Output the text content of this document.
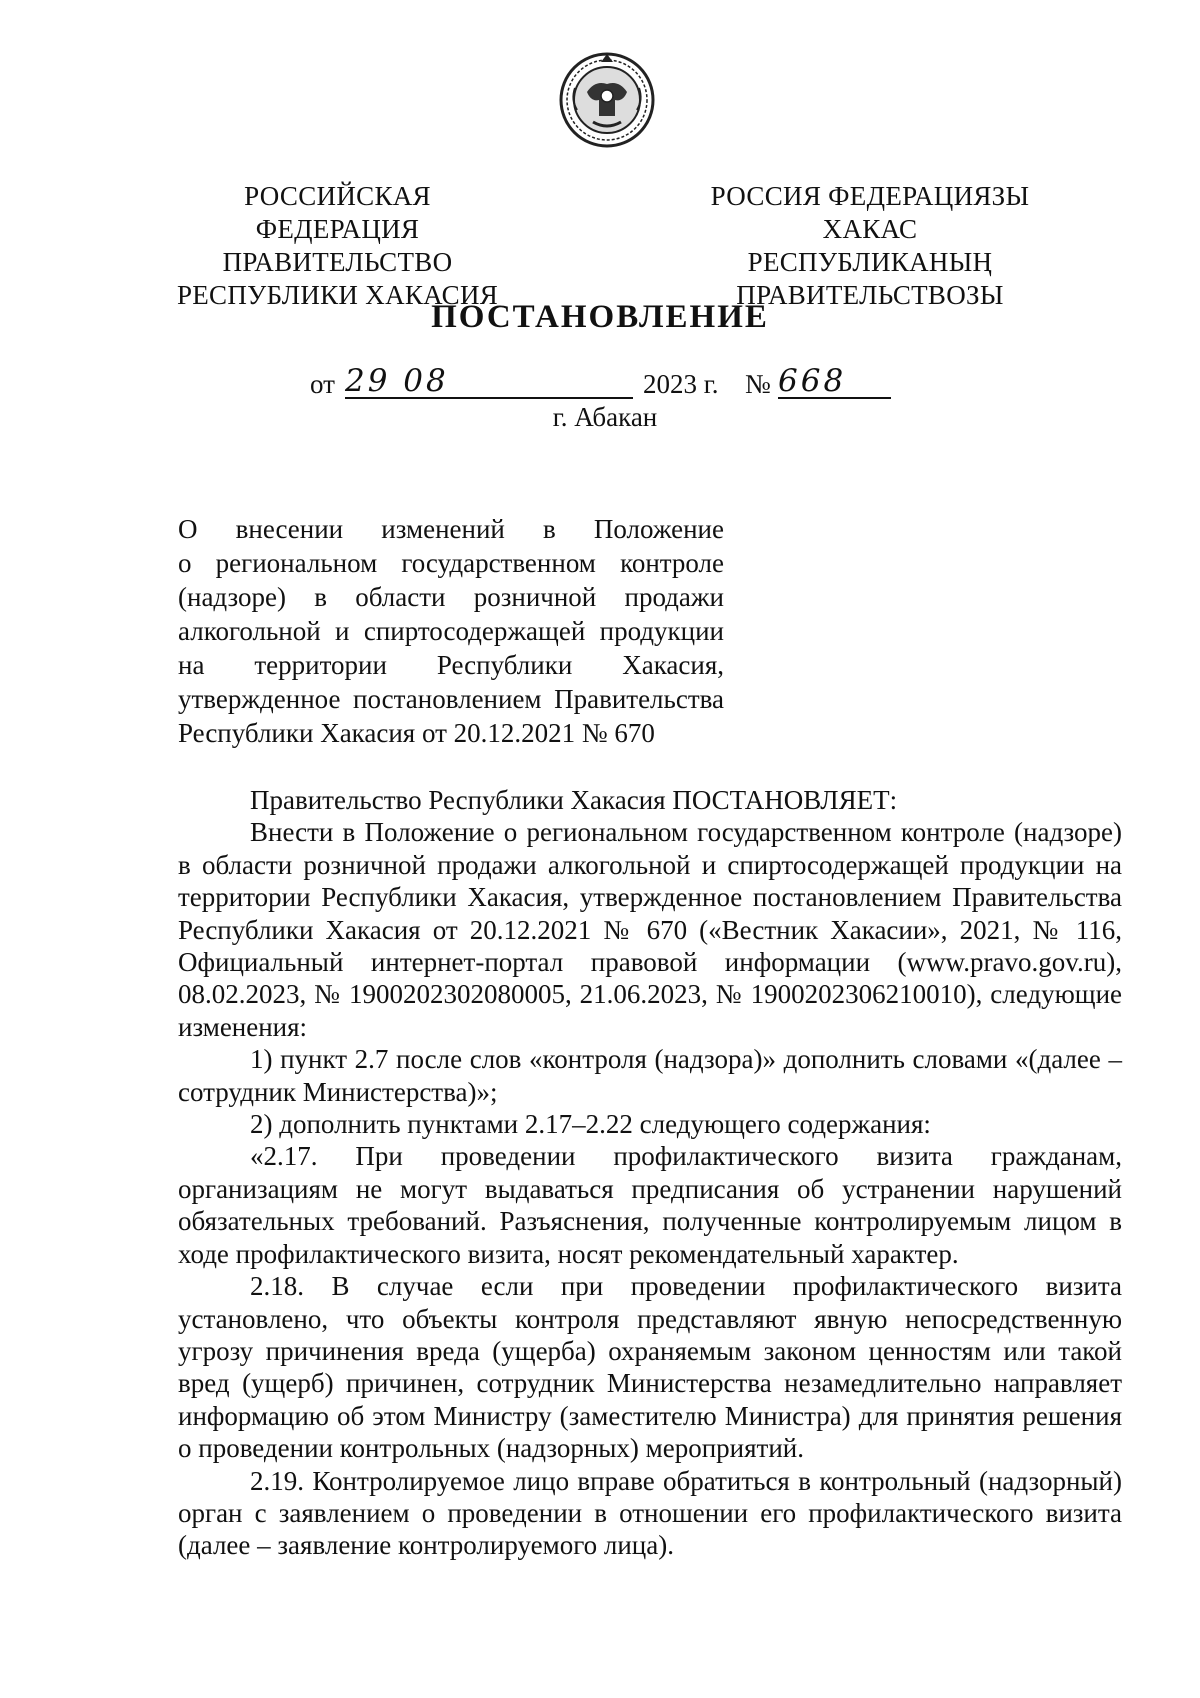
РОССИЙСКАЯ ФЕДЕРАЦИЯ
ПРАВИТЕЛЬСТВО
РЕСПУБЛИКИ ХАКАСИЯ
РОССИЯ ФЕДЕРАЦИЯЗЫ
ХАКАС РЕСПУБЛИКАНЫҢ
ПРАВИТЕЛЬСТВОЗЫ
ПОСТАНОВЛЕНИЕ
от 29 08	2023 г. № 668
г. Абакан
О внесении изменений в Положение
о региональном государственном контроле
(надзоре) в области розничной продажи
алкогольной и спиртосодержащей продукции
на территории Республики Хакасия,
утвержденное постановлением Правительства
Республики Хакасия от 20.12.2021 № 670

Правительство Республики Хакасия ПОСТАНОВЛЯЕТ:

Внести в Положение о региональном государственном контроле (надзоре) в области розничной продажи алкогольной и спиртосодержащей продукции на территории Республики Хакасия, утвержденное постановлением Правительства Республики Хакасия от 20.12.2021 № 670 («Вестник Хакасии», 2021, № 116, Официальный интернет-портал правовой информации (www.pravo.gov.ru), 08.02.2023, № 1900202302080005, 21.06.2023, № 1900202306210010), следующие изменения:

1) пункт 2.7 после слов «контроля (надзора)» дополнить словами «(далее – сотрудник Министерства)»;

2) дополнить пунктами 2.17–2.22 следующего содержания:

«2.17. При проведении профилактического визита гражданам, организациям не могут выдаваться предписания об устранении нарушений обязательных требований. Разъяснения, полученные контролируемым лицом в ходе профилактического визита, носят рекомендательный характер.

2.18. В случае если при проведении профилактического визита установлено, что объекты контроля представляют явную непосредственную угрозу причинения вреда (ущерба) охраняемым законом ценностям или такой вред (ущерб) причинен, сотрудник Министерства незамедлительно направляет информацию об этом Министру (заместителю Министра) для принятия решения о проведении контрольных (надзорных) мероприятий.

2.19. Контролируемое лицо вправе обратиться в контрольный (надзорный) орган с заявлением о проведении в отношении его профилактического визита (далее – заявление контролируемого лица).
